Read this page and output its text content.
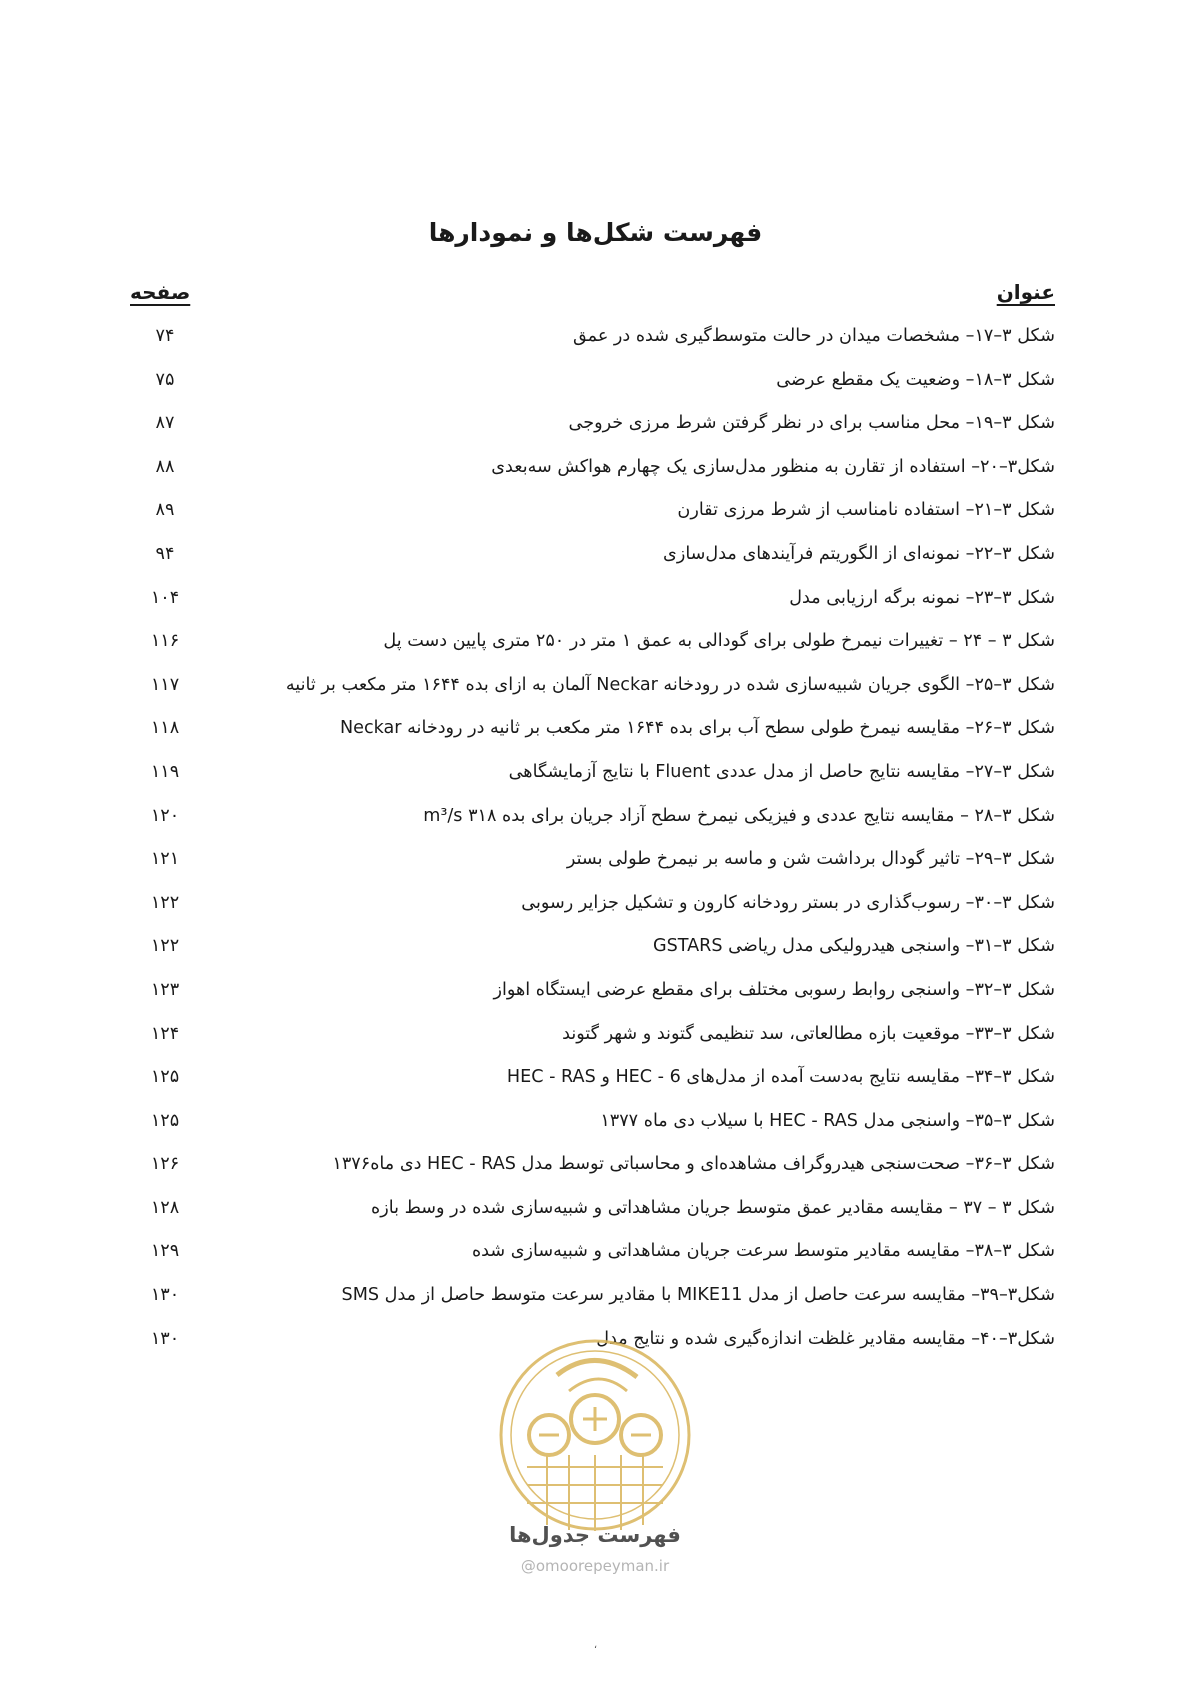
فهرست شکل‌ها و نمودارها
عنوان
صفحه
شکل ۳–۱۷– مشخصات میدان در حالت متوسط‌گیری شده در عمق
۷۴
شکل ۳–۱۸– وضعیت یک مقطع عرضی
۷۵
شکل ۳–۱۹– محل مناسب برای در نظر گرفتن شرط مرزی خروجی
۸۷
شکل۳–۲۰– استفاده از تقارن به منظور مدل‌سازی یک چهارم هواکش سه‌بعدی
۸۸
شکل ۳–۲۱– استفاده نامناسب از شرط مرزی تقارن
۸۹
شکل ۳–۲۲– نمونه‌ای از الگوریتم فرآیندهای مدل‌سازی
۹۴
شکل ۳–۲۳– نمونه برگه ارزیابی مدل
۱۰۴
شکل ۳ – ۲۴ – تغییرات نیمرخ طولی برای گودالی به عمق ۱ متر در ۲۵۰ متری پایین دست پل
۱۱۶
شکل ۳–۲۵– الگوی جریان شبیه‌سازی شده در رودخانه Neckar آلمان به ازای بده ۱۶۴۴ متر مکعب بر ثانیه
۱۱۷
شکل ۳–۲۶– مقایسه نیمرخ طولی سطح آب برای بده ۱۶۴۴ متر مکعب بر ثانیه در رودخانه Neckar
۱۱۸
شکل ۳–۲۷– مقایسه نتایج حاصل از مدل عددی Fluent با نتایج آزمایشگاهی
۱۱۹
شکل ۳–۲۸ – مقایسه نتایج عددی و فیزیکی نیمرخ سطح آزاد جریان برای بده ۳۱۸ m³/s
۱۲۰
شکل ۳–۲۹– تاثیر گودال برداشت شن و ماسه بر نیمرخ طولی بستر
۱۲۱
شکل ۳–۳۰– رسوب‌گذاری در بستر رودخانه کارون و تشکیل جزایر رسوبی
۱۲۲
شکل ۳–۳۱– واسنجی هیدرولیکی مدل ریاضی GSTARS
۱۲۲
شکل ۳–۳۲– واسنجی روابط رسوبی مختلف برای مقطع عرضی ایستگاه اهواز
۱۲۳
شکل ۳–۳۳– موقعیت بازه مطالعاتی، سد تنظیمی گتوند و شهر گتوند
۱۲۴
شکل ۳–۳۴– مقایسه نتایج به‌دست آمده از مدل‌های HEC - 6 و HEC - RAS
۱۲۵
شکل ۳–۳۵– واسنجی مدل HEC - RAS با سیلاب دی ماه ۱۳۷۷
۱۲۵
شکل ۳–۳۶– صحت‌سنجی هیدروگراف مشاهده‌ای و محاسباتی توسط مدل HEC - RAS دی ماه۱۳۷۶
۱۲۶
شکل ۳ – ۳۷ – مقایسه مقادیر عمق متوسط جریان مشاهداتی و شبیه‌سازی شده در وسط بازه
۱۲۸
شکل ۳–۳۸– مقایسه مقادیر متوسط سرعت جریان مشاهداتی و شبیه‌سازی شده
۱۲۹
شکل۳–۳۹– مقایسه سرعت حاصل از مدل MIKE11 با مقادیر سرعت متوسط حاصل از مدل SMS
۱۳۰
شکل۳–۴۰– مقایسه مقادیر غلظت اندازه‌گیری شده و نتایج مدل
۱۳۰
فهرست جدول‌ها
@omoorepeyman.ir
،
